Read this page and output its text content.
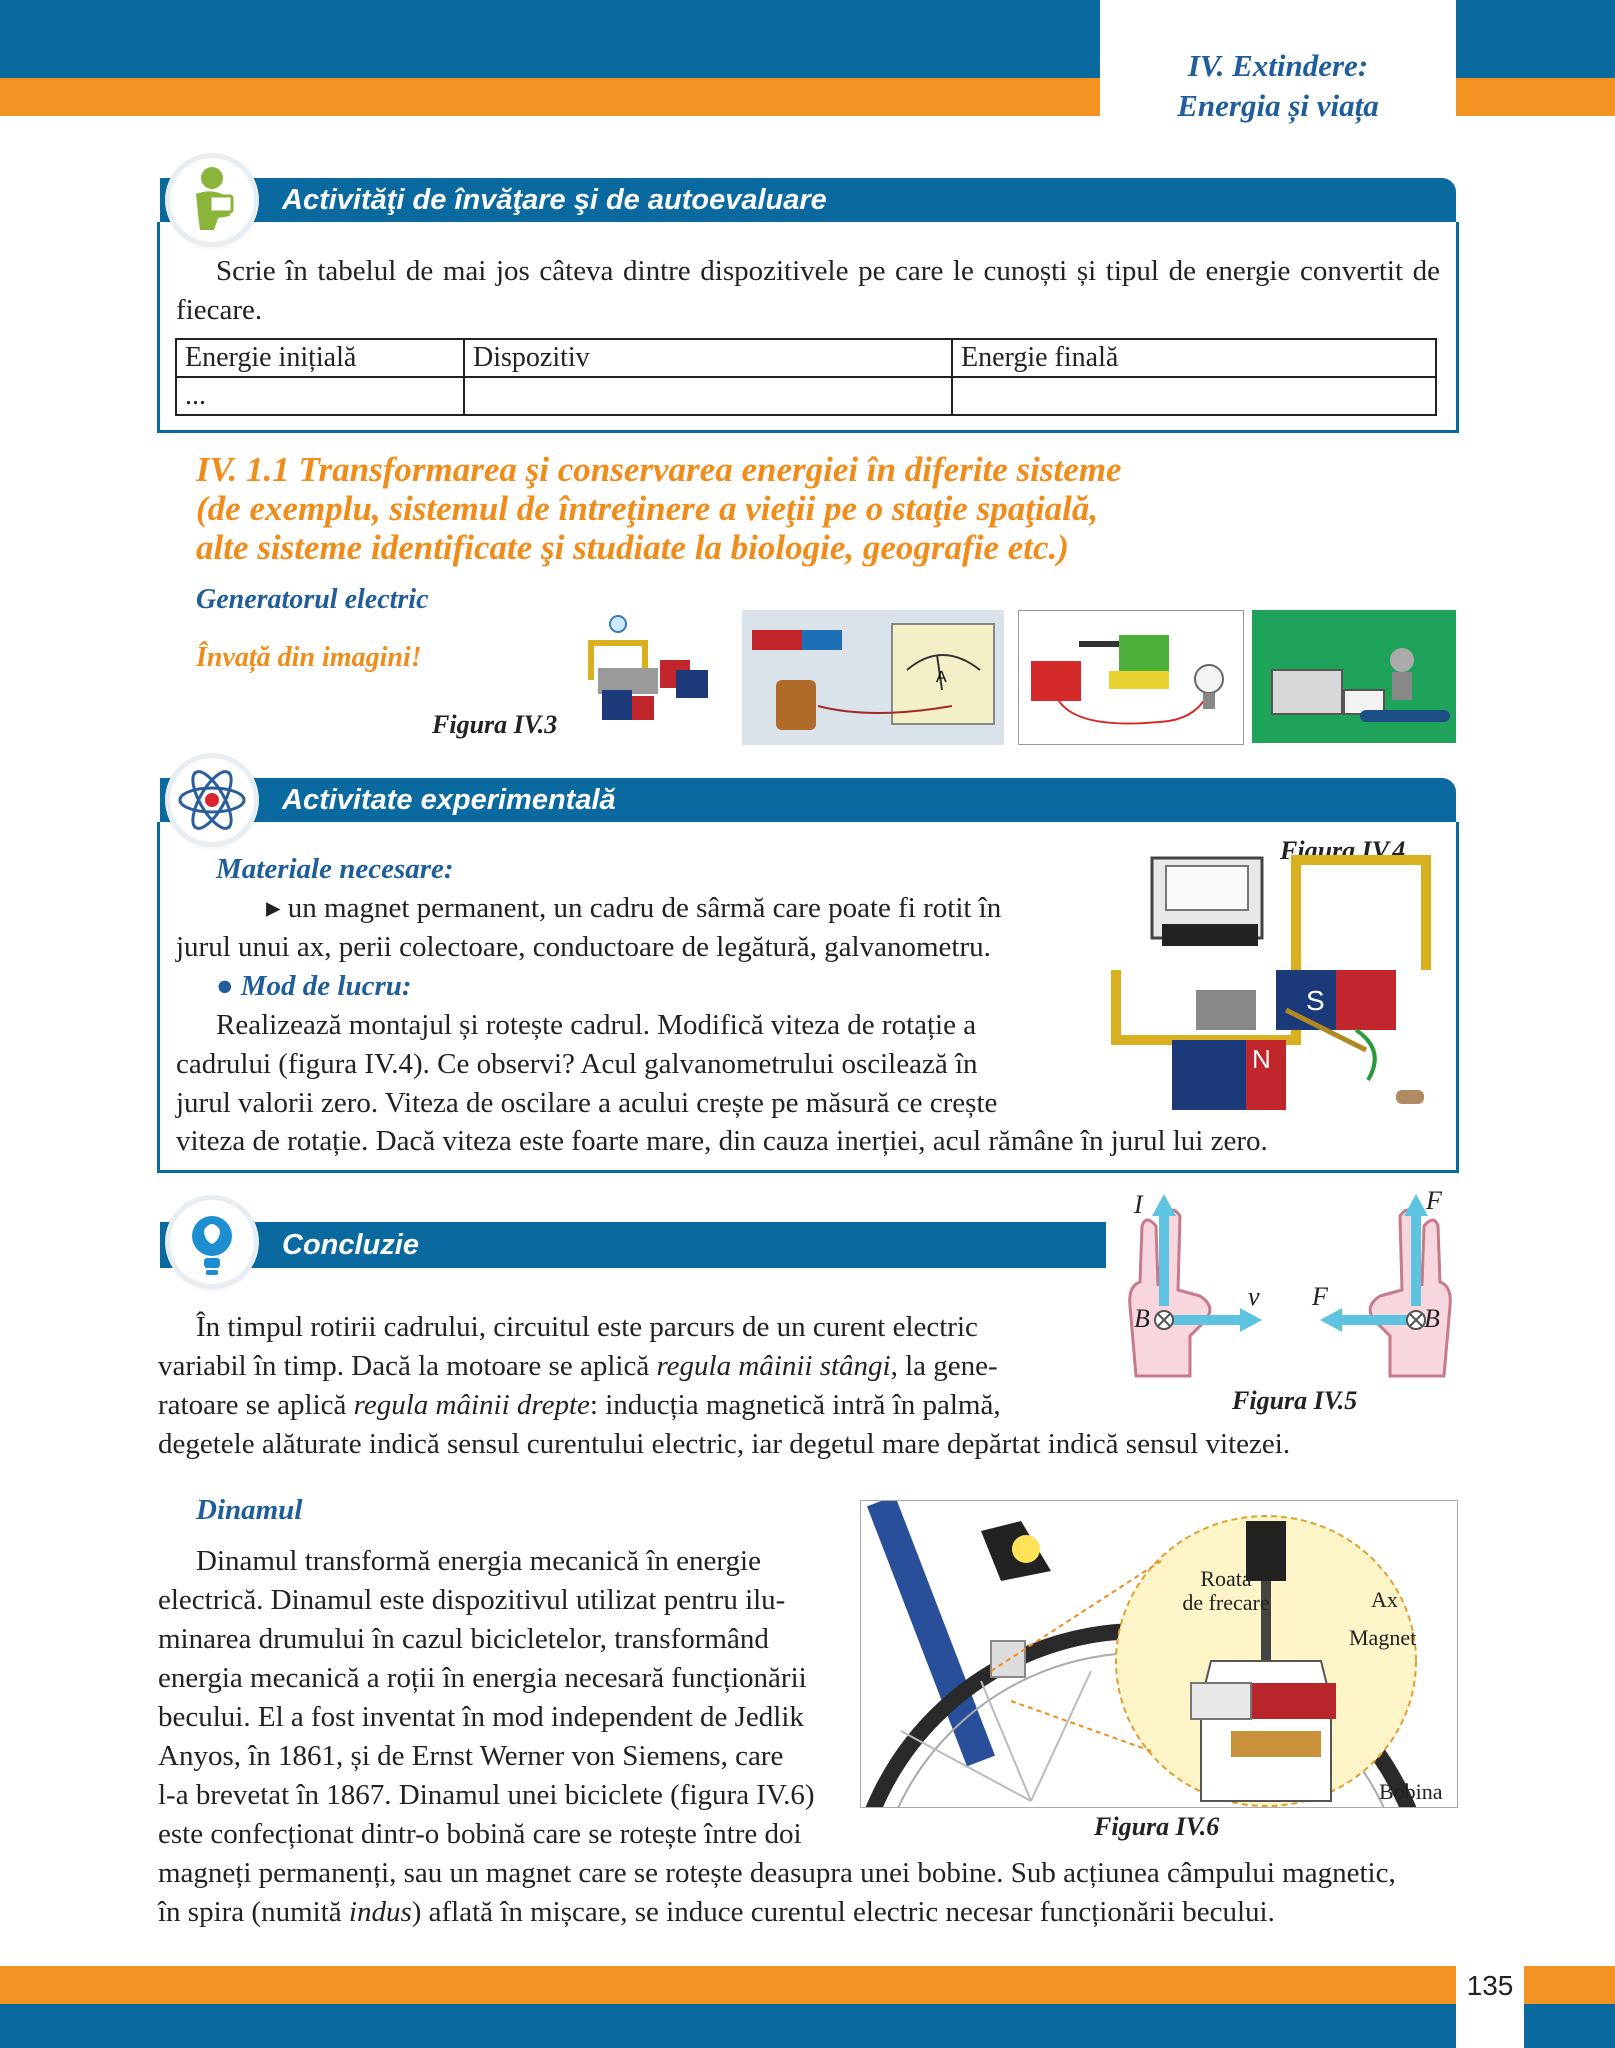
IV. Extindere:
Energia și viața
Activităţi de învăţare şi de autoevaluare
Scrie în tabelul de mai jos câteva dintre dispozitivele pe care le cunoști și tipul de energie convertit de fiecare.
Energie inițială	Dispozitiv	Energie finală
...		
IV. 1.1 Transformarea şi conservarea energiei în diferite sisteme
(de exemplu, sistemul de întreţinere a vieţii pe o staţie spaţială,
alte sisteme identificate şi studiate la biologie, geografie etc.)
Generatorul electric
Învață din imagini!
A
Figura IV.3
Activitate experimentală
Materiale necesare:
▸ un magnet permanent, un cadru de sârmă care poate fi rotit în
jurul unui ax, perii colectoare, conductoare de legătură, galvanometru.
● Mod de lucru:
Realizează montajul și rotește cadrul. Modifică viteza de rotație a
cadrului (figura IV.4). Ce observi? Acul galvanometrului oscilează în
jurul valorii zero. Viteza de oscilare a acului crește pe măsură ce crește
viteza de rotație. Dacă viteza este foarte mare, din cauza inerției, acul rămâne în jurul lui zero.
Figura IV.4
S
N
Concluzie
În timpul rotirii cadrului, circuitul este parcurs de un curent electric
variabil în timp. Dacă la motoare se aplică regula mâinii stângi, la gene-
ratoare se aplică regula mâinii drepte: inducția magnetică intră în palmă,
degetele alăturate indică sensul curentului electric, iar degetul mare depărtat indică sensul vitezei.
I
B
v F
F
B
Figura IV.5
Dinamul
Dinamul transformă energia mecanică în energie
electrică. Dinamul este dispozitivul utilizat pentru ilu-
minarea drumului în cazul bicicletelor, transformând
energia mecanică a roții în energia necesară funcționării
becului. El a fost inventat în mod independent de Jedlik
Anyos, în 1861, și de Ernst Werner von Siemens, care
l-a brevetat în 1867. Dinamul unei biciclete (figura IV.6)
este confecționat dintr-o bobină care se rotește între doi
magneți permanenți, sau un magnet care se rotește deasupra unei bobine. Sub acțiunea câmpului magnetic,
în spira (numită indus) aflată în mișcare, se induce curentul electric necesar funcționării becului.
Roata
de frecare	Ax
Magnet
Bobina
Figura IV.6
135
